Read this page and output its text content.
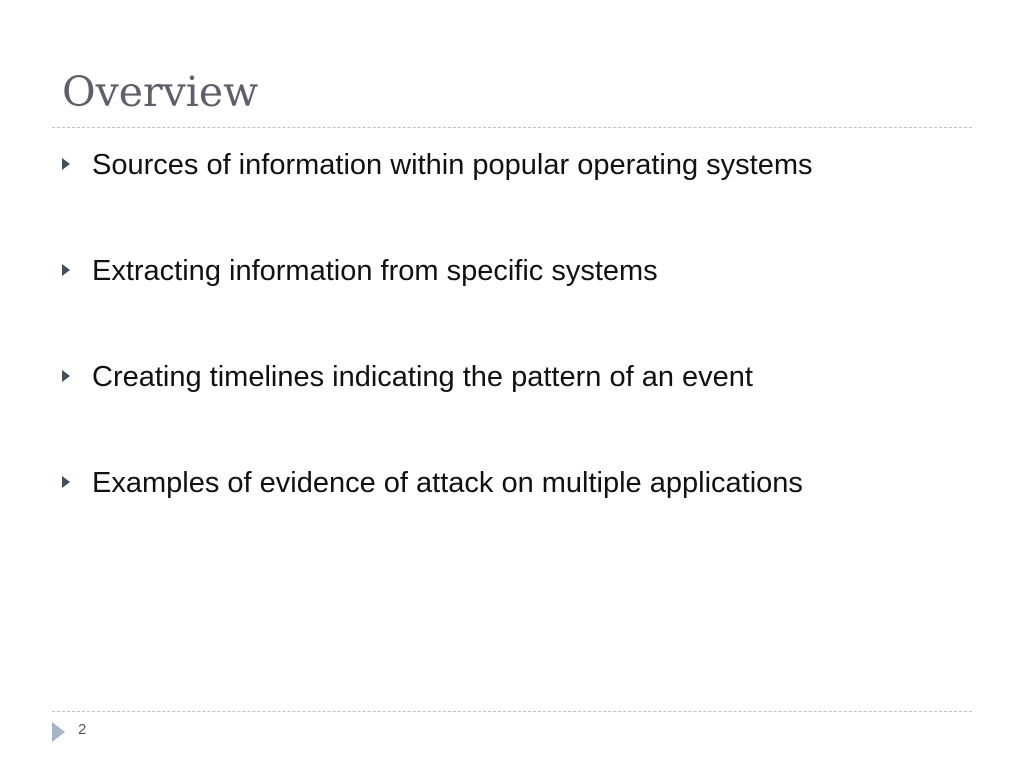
Overview
Sources of information within popular operating systems
Extracting information from specific systems
Creating timelines indicating the pattern of an event
Examples of evidence of attack on multiple applications
2
